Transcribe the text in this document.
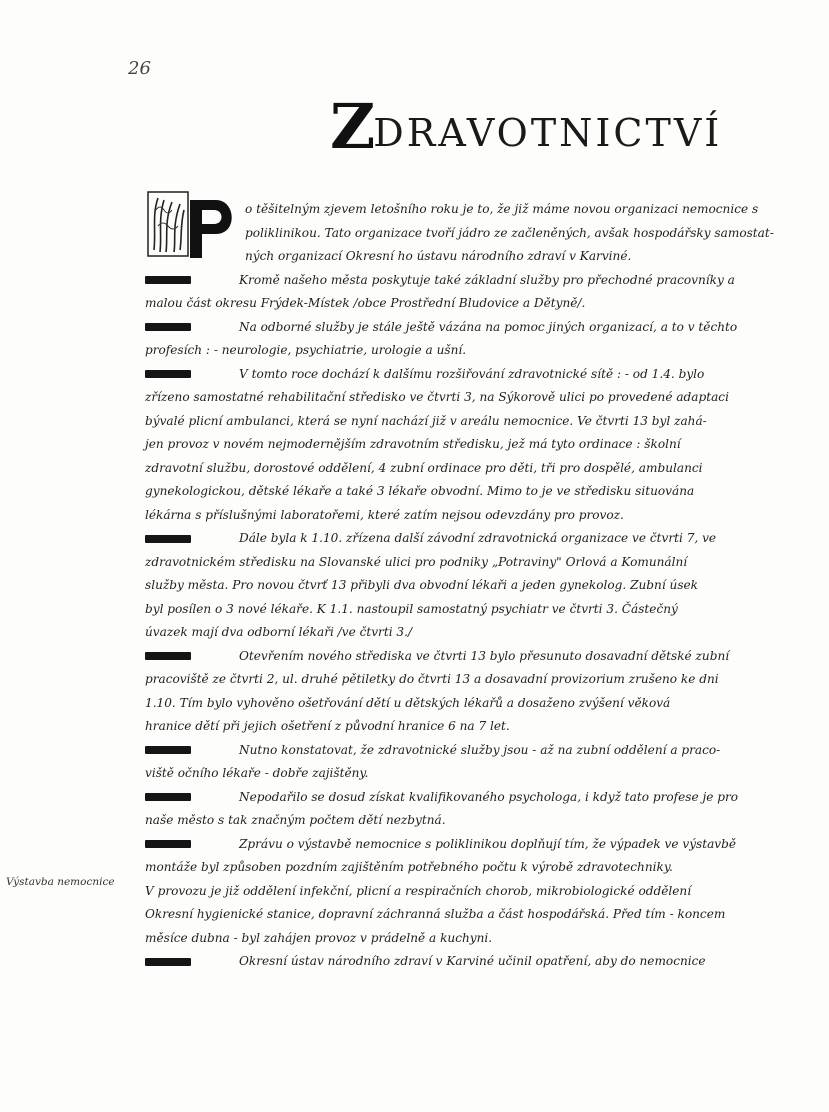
26
Z DRAVOTNICTVÍ
Výstavba nemocnice

o těšitelným zjevem letošního roku je to, že již máme novou organizaci nemocnice s
poliklinikou. Tato organizace tvoří jádro ze začleněných, avšak hospodářsky samostat-
ných organizací Okresní ho ústavu národního zdraví v Karviné.

Kromě našeho města poskytuje také základní služby pro přechodné pracovníky a
malou část okresu Frýdek-Místek /obce Prostřední Bludovice a Dětyně/.

Na odborné služby je stále ještě vázána na pomoc jiných organizací, a to v těchto
profesích : - neurologie, psychiatrie, urologie a ušní.

V tomto roce dochází k dalšímu rozšiřování zdravotnické sítě : - od 1.4. bylo
zřízeno samostatné rehabilitační středisko ve čtvrti 3, na Sýkorově ulici po provedené adaptaci
bývalé plicní ambulanci, která se nyní nachází již v areálu nemocnice. Ve čtvrti 13 byl zahá-
jen provoz v novém nejmodernějším zdravotním středisku, jež má tyto ordinace : školní
zdravotní službu, dorostové oddělení, 4 zubní ordinace pro děti, tři pro dospělé, ambulanci
gynekologickou, dětské lékaře a také 3 lékaře obvodní. Mimo to je ve středisku situována
lékárna s příslušnými laboratořemi, které zatím nejsou odevzdány pro provoz.

Dále byla k 1.10. zřízena další závodní zdravotnická organizace ve čtvrti 7, ve
zdravotnickém středisku na Slovanské ulici pro podniky „Potraviny" Orlová a Komunální
služby města. Pro novou čtvrť 13 přibyli dva obvodní lékaři a jeden gynekolog. Zubní úsek
byl posílen o 3 nové lékaře. K 1.1. nastoupil samostatný psychiatr ve čtvrti 3. Částečný
úvazek mají dva odborní lékaři /ve čtvrti 3./

Otevřením nového střediska ve čtvrti 13 bylo přesunuto dosavadní dětské zubní
pracoviště ze čtvrti 2, ul. druhé pětiletky do čtvrti 13 a dosavadní provizorium zrušeno ke dni
1.10. Tím bylo vyhověno ošetřování dětí u dětských lékařů a dosaženo zvýšení věková
hranice dětí při jejich ošetření z původní hranice 6 na 7 let.

Nutno konstatovat, že zdravotnické služby jsou - až na zubní oddělení a praco-
viště očního lékaře - dobře zajištěny.

Nepodařilo se dosud získat kvalifikovaného psychologa, i když tato profese je pro
naše město s tak značným počtem dětí nezbytná.

Zprávu o výstavbě nemocnice s poliklinikou doplňují tím, že výpadek ve výstavbě
montáže byl způsoben pozdním zajištěním potřebného počtu k výrobě zdravotechniky.
V provozu je již oddělení infekční, plicní a respiračních chorob, mikrobiologické oddělení
Okresní hygienické stanice, dopravní záchranná služba a část hospodářská. Před tím - koncem
měsíce dubna - byl zahájen provoz v prádelně a kuchyni.

Okresní ústav národního zdraví v Karviné učinil opatření, aby do nemocnice
